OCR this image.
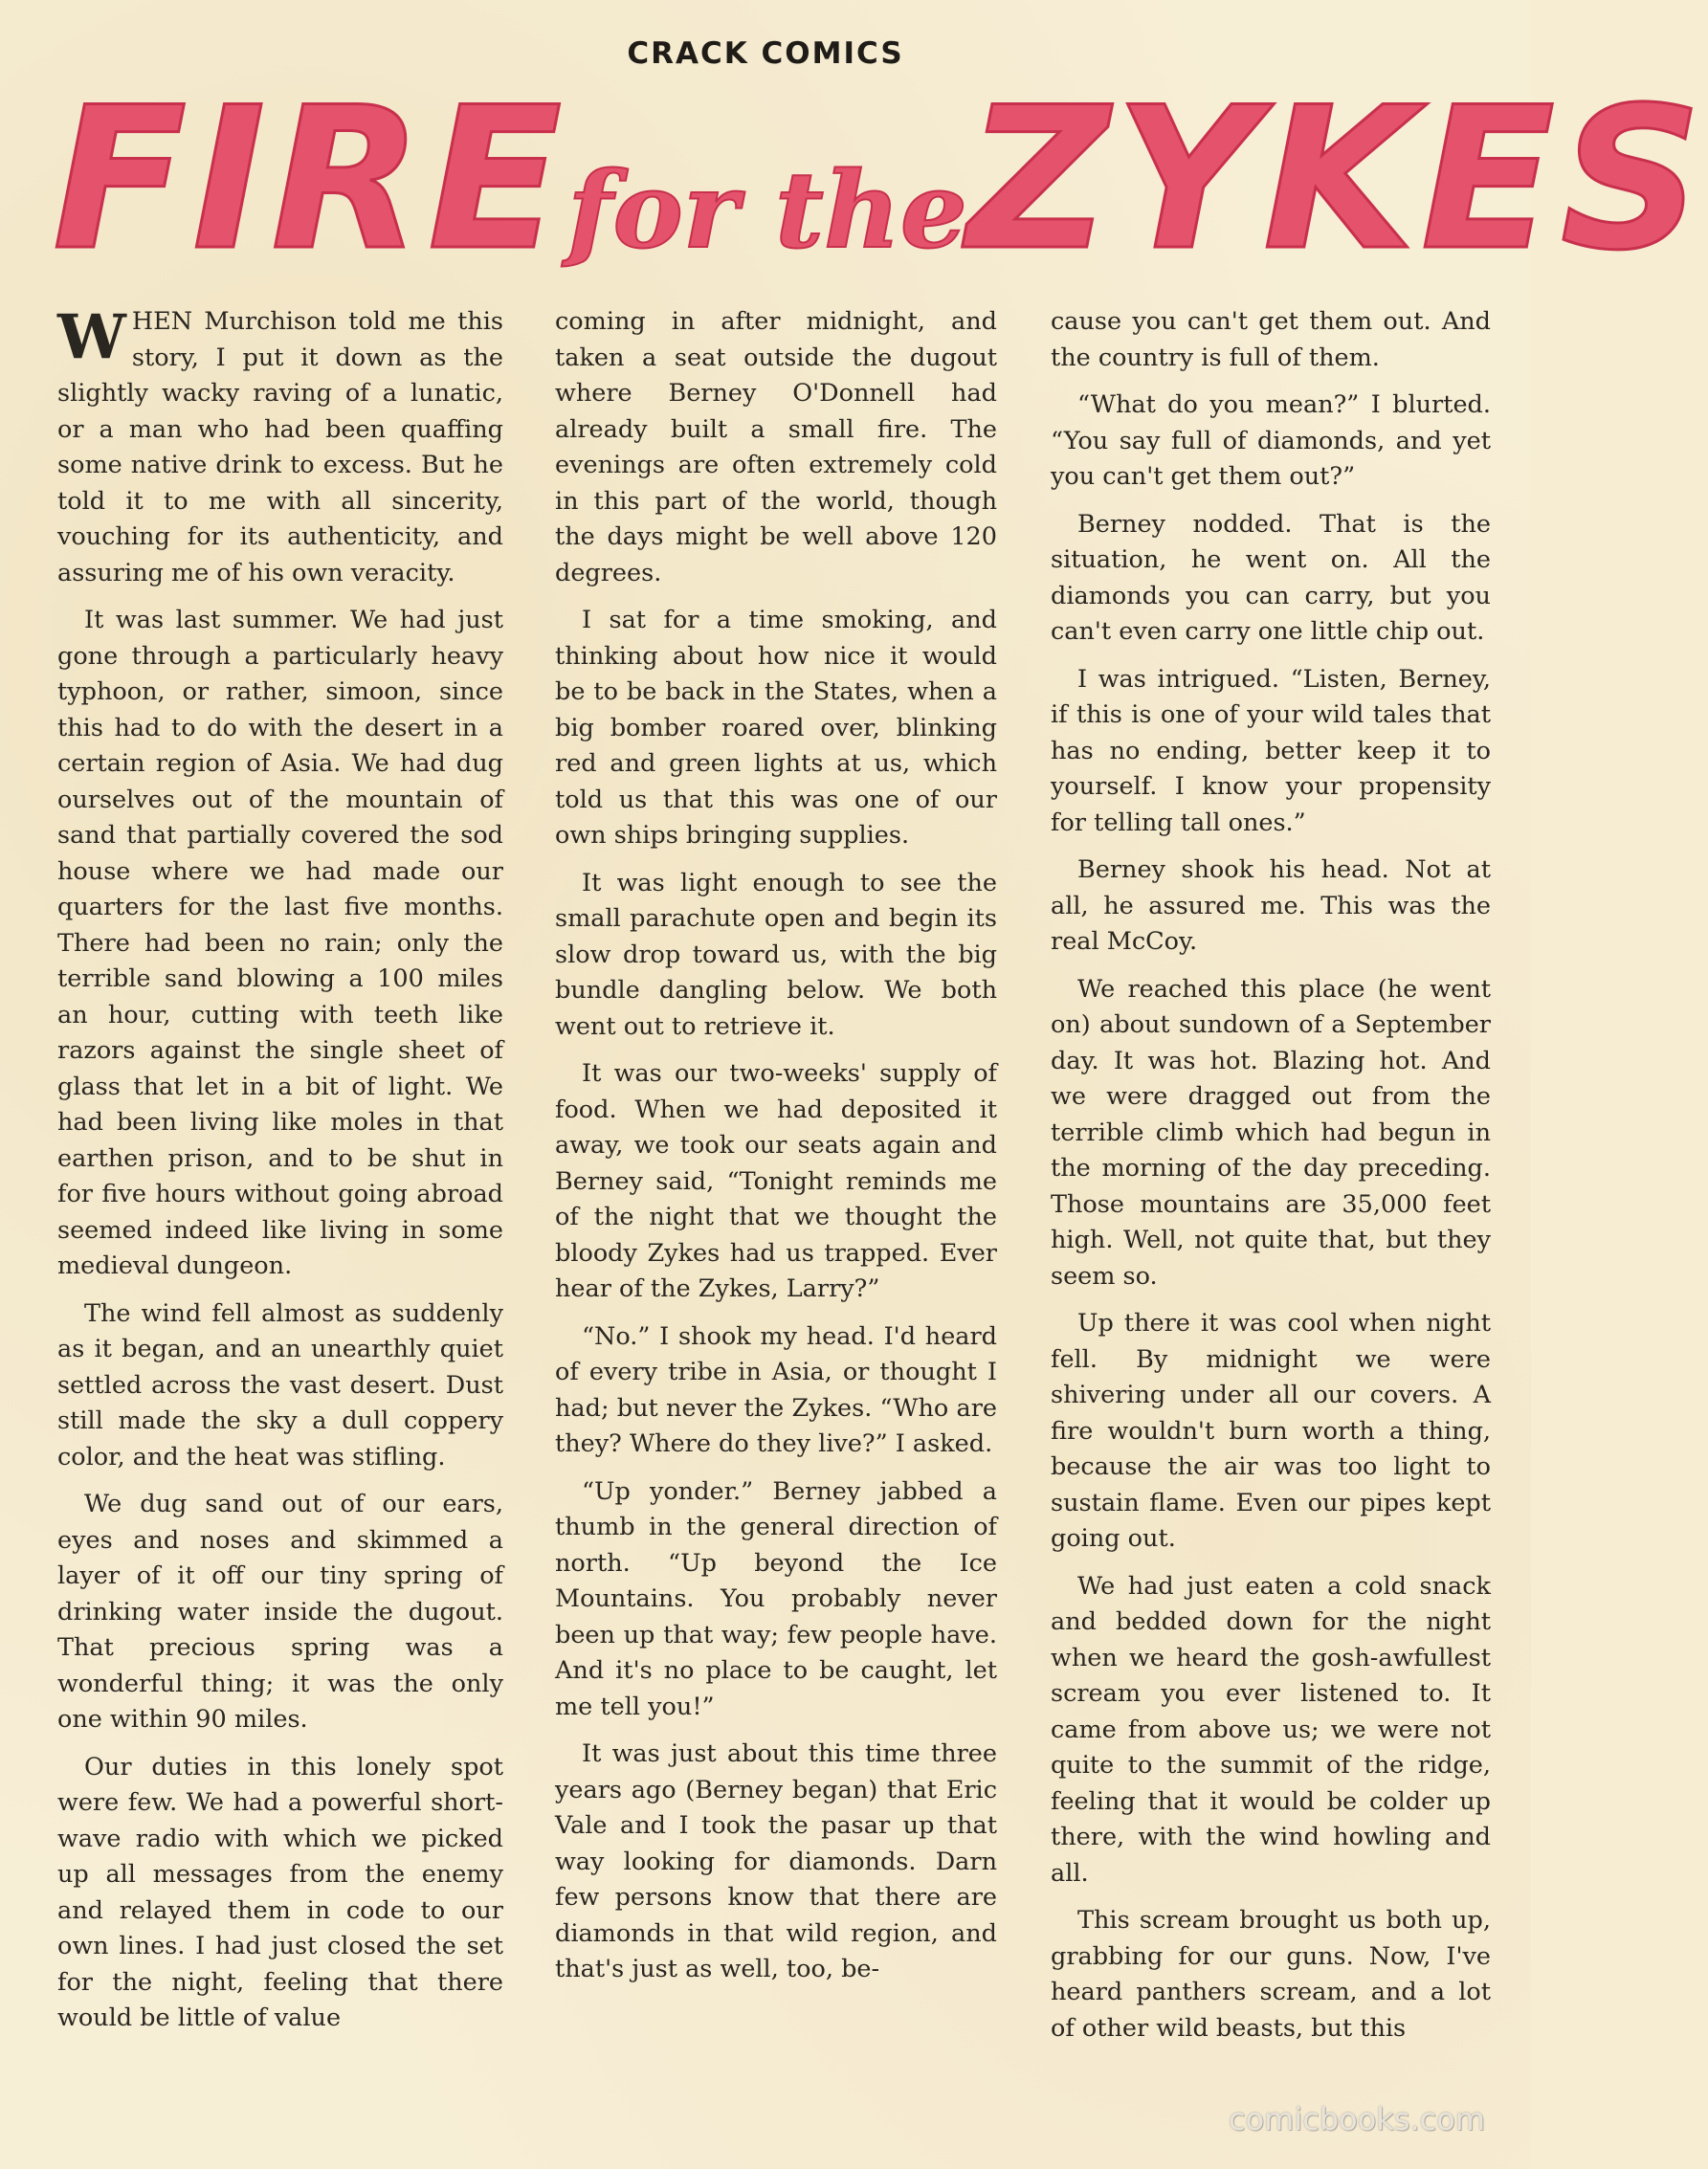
CRACK COMICS
FIREfor theZYKES

WHEN Murchison told me this story, I put it down as the slightly wacky raving of a lunatic, or a man who had been quaffing some native drink to excess. But he told it to me with all sincerity, vouching for its authenticity, and assuring me of his own veracity.

It was last summer. We had just gone through a particularly heavy typhoon, or rather, simoon, since this had to do with the desert in a certain region of Asia. We had dug ourselves out of the mountain of sand that partially covered the sod house where we had made our quarters for the last five months. There had been no rain; only the terrible sand blowing a 100 miles an hour, cutting with teeth like razors against the single sheet of glass that let in a bit of light. We had been living like moles in that earthen prison, and to be shut in for five hours without going abroad seemed indeed like living in some medieval dungeon.

The wind fell almost as suddenly as it began, and an unearthly quiet settled across the vast desert. Dust still made the sky a dull coppery color, and the heat was stifling.

We dug sand out of our ears, eyes and noses and skimmed a layer of it off our tiny spring of drinking water inside the dugout. That precious spring was a wonderful thing; it was the only one within 90 miles.

Our duties in this lonely spot were few. We had a powerful short-wave radio with which we picked up all messages from the enemy and relayed them in code to our own lines. I had just closed the set for the night, feeling that there would be little of value

coming in after midnight, and taken a seat outside the dugout where Berney O'Donnell had already built a small fire. The evenings are often extremely cold in this part of the world, though the days might be well above 120 degrees.

I sat for a time smoking, and thinking about how nice it would be to be back in the States, when a big bomber roared over, blinking red and green lights at us, which told us that this was one of our own ships bringing supplies.

It was light enough to see the small parachute open and begin its slow drop toward us, with the big bundle dangling below. We both went out to retrieve it.

It was our two-weeks' supply of food. When we had deposited it away, we took our seats again and Berney said, “Tonight reminds me of the night that we thought the bloody Zykes had us trapped. Ever hear of the Zykes, Larry?”

“No.” I shook my head. I'd heard of every tribe in Asia, or thought I had; but never the Zykes. “Who are they? Where do they live?” I asked.

“Up yonder.” Berney jabbed a thumb in the general direction of north. “Up beyond the Ice Mountains. You probably never been up that way; few people have. And it's no place to be caught, let me tell you!”

It was just about this time three years ago (Berney began) that Eric Vale and I took the pasar up that way looking for diamonds. Darn few persons know that there are diamonds in that wild region, and that's just as well, too, be-

cause you can't get them out. And the country is full of them.

“What do you mean?” I blurted. “You say full of diamonds, and yet you can't get them out?”

Berney nodded. That is the situation, he went on. All the diamonds you can carry, but you can't even carry one little chip out.

I was intrigued. “Listen, Berney, if this is one of your wild tales that has no ending, better keep it to yourself. I know your propensity for telling tall ones.”

Berney shook his head. Not at all, he assured me. This was the real McCoy.

We reached this place (he went on) about sundown of a September day. It was hot. Blazing hot. And we were dragged out from the terrible climb which had begun in the morning of the day preceding. Those mountains are 35,000 feet high. Well, not quite that, but they seem so.

Up there it was cool when night fell. By midnight we were shivering under all our covers. A fire wouldn't burn worth a thing, because the air was too light to sustain flame. Even our pipes kept going out.

We had just eaten a cold snack and bedded down for the night when we heard the gosh-awfullest scream you ever listened to. It came from above us; we were not quite to the summit of the ridge, feeling that it would be colder up there, with the wind howling and all.

This scream brought us both up, grabbing for our guns. Now, I've heard panthers scream, and a lot of other wild beasts, but this

comicbooks.com
